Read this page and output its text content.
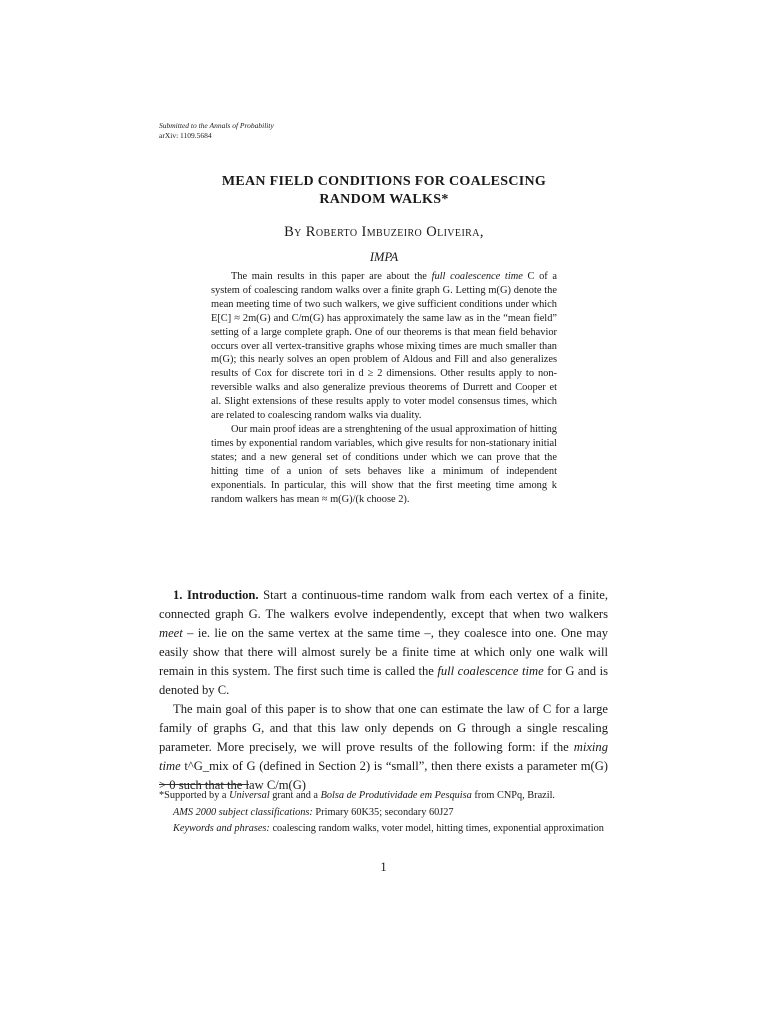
Submitted to the Annals of Probability
arXiv: 1109.5684
MEAN FIELD CONDITIONS FOR COALESCING
RANDOM WALKS*
By Roberto Imbuzeiro Oliveira,
IMPA

The main results in this paper are about the full coalescence time C of a system of coalescing random walks over a finite graph G. Letting m(G) denote the mean meeting time of two such walkers, we give sufficient conditions under which E[C] ≈ 2m(G) and C/m(G) has approximately the same law as in the “mean field” setting of a large complete graph. One of our theorems is that mean field behavior occurs over all vertex-transitive graphs whose mixing times are much smaller than m(G); this nearly solves an open problem of Aldous and Fill and also generalizes results of Cox for discrete tori in d ≥ 2 dimensions. Other results apply to non-reversible walks and also generalize previous theorems of Durrett and Cooper et al. Slight extensions of these results apply to voter model consensus times, which are related to coalescing random walks via duality.

Our main proof ideas are a strenghtening of the usual approximation of hitting times by exponential random variables, which give results for non-stationary initial states; and a new general set of conditions under which we can prove that the hitting time of a union of sets behaves like a minimum of independent exponentials. In particular, this will show that the first meeting time among k random walkers has mean ≈ m(G)/(k choose 2).

1. Introduction. Start a continuous-time random walk from each vertex of a finite, connected graph G. The walkers evolve independently, except that when two walkers meet – ie. lie on the same vertex at the same time –, they coalesce into one. One may easily show that there will almost surely be a finite time at which only one walk will remain in this system. The first such time is called the full coalescence time for G and is denoted by C.

The main goal of this paper is to show that one can estimate the law of C for a large family of graphs G, and that this law only depends on G through a single rescaling parameter. More precisely, we will prove results of the following form: if the mixing time t^G_mix of G (defined in Section 2) is “small”, then there exists a parameter m(G) > 0 such that the law C/m(G)

*Supported by a Universal grant and a Bolsa de Produtividade em Pesquisa from CNPq, Brazil.

AMS 2000 subject classifications: Primary 60K35; secondary 60J27

Keywords and phrases: coalescing random walks, voter model, hitting times, exponential approximation

1
